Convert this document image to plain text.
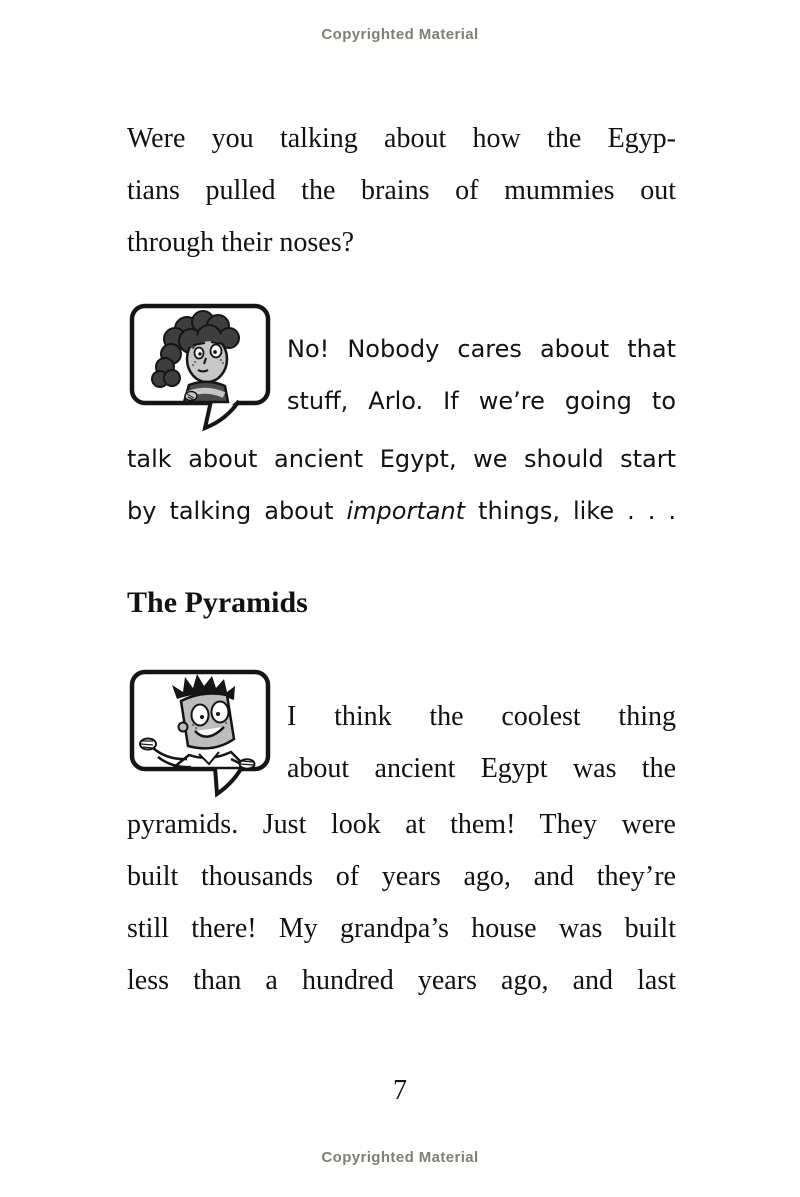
Copyrighted Material
Were you talking about how the Egyp-
tians pulled the brains of mummies out
through their noses?
No! Nobody cares about that
stuff, Arlo. If we’re going to
talk about ancient Egypt, we should start
by talking about important things, like . . .
The Pyramids
I think the coolest thing
about ancient Egypt was the
pyramids. Just look at them! They were
built thousands of years ago, and they’re
still there! My grandpa’s house was built
less than a hundred years ago, and last
7
Copyrighted Material
